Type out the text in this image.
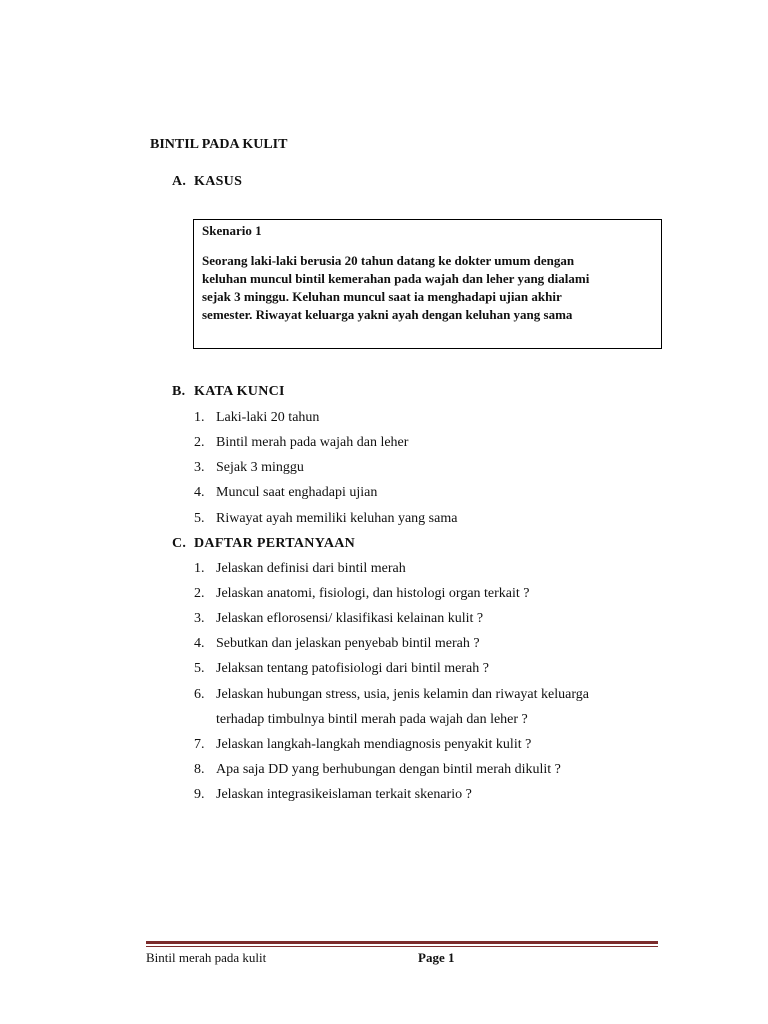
BINTIL PADA KULIT
A. KASUS
Skenario 1
Seorang laki-laki berusia 20 tahun datang ke dokter umum dengan
keluhan muncul bintil kemerahan pada wajah dan leher yang dialami
sejak 3 minggu. Keluhan muncul saat ia menghadapi ujian akhir
semester. Riwayat keluarga yakni ayah dengan keluhan yang sama
B. KATA KUNCI
1. Laki-laki 20 tahun
2. Bintil merah pada wajah dan leher
3. Sejak 3 minggu
4. Muncul saat enghadapi ujian
5. Riwayat ayah memiliki keluhan yang sama
C. DAFTAR PERTANYAAN
1. Jelaskan definisi dari bintil merah
2. Jelaskan anatomi, fisiologi, dan histologi organ terkait ?
3. Jelaskan eflorosensi/ klasifikasi kelainan kulit ?
4. Sebutkan dan jelaskan penyebab bintil merah ?
5. Jelaksan tentang patofisiologi dari bintil merah ?
6. Jelaskan hubungan stress, usia, jenis kelamin dan riwayat keluarga
terhadap timbulnya bintil merah pada wajah dan leher ?
7. Jelaskan langkah-langkah mendiagnosis penyakit kulit ?
8. Apa saja DD yang berhubungan dengan bintil merah dikulit ?
9. Jelaskan integrasikeislaman terkait skenario ?
Bintil merah pada kulit	Page 1
